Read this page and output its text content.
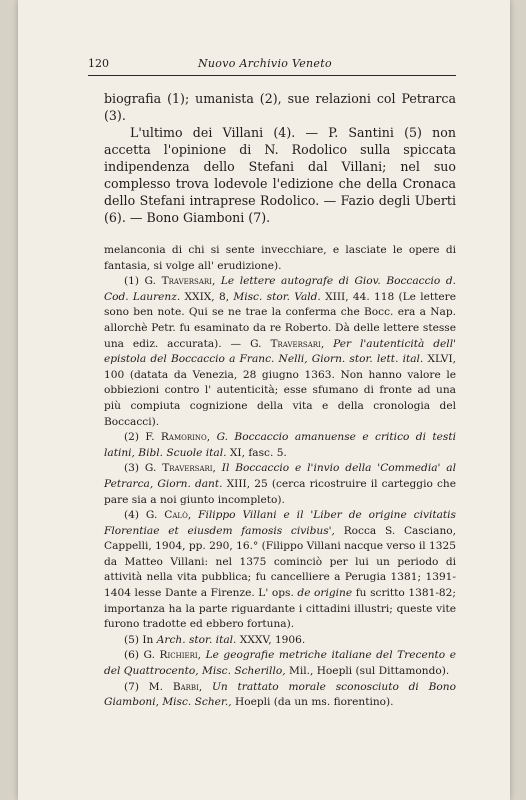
120	Nuovo Archivio Veneto

biografia (1); umanista (2), sue relazioni col Petrarca (3).

L'ultimo dei Villani (4). — P. Santini (5) non accetta l'opinione di N. Rodolico sulla spiccata indipendenza dello Stefani dal Villani; nel suo complesso trova lodevole l'edizione che della Cronaca dello Stefani intraprese Rodolico. — Fazio degli Uberti (6). — Bono Giamboni (7).

melanconia di chi si sente invecchiare, e lasciate le opere di fantasia, si volge all' erudizione).

(1) G. Traversari, Le lettere autografe di Giov. Boccaccio d. Cod. Laurenz. XXIX, 8, Misc. stor. Vald. XIII, 44. 118 (Le lettere sono ben note. Qui se ne trae la conferma che Bocc. era a Nap. allorchè Petr. fu esaminato da re Roberto. Dà delle lettere stesse una ediz. accurata). — G. Traversari, Per l'autenticità dell' epistola del Boccaccio a Franc. Nelli, Giorn. stor. lett. ital. XLVI, 100 (datata da Venezia, 28 giugno 1363. Non hanno valore le obbiezioni contro l' autenticità; esse sfumano di fronte ad una più compiuta cognizione della vita e della cronologia del Boccacci).

(2) F. Ramorino, G. Boccaccio amanuense e critico di testi latini, Bibl. Scuole ital. XI, fasc. 5.

(3) G. Traversari, Il Boccaccio e l'invio della 'Commedia' al Petrarca, Giorn. dant. XIII, 25 (cerca ricostruire il carteggio che pare sia a noi giunto incompleto).

(4) G. Calò, Filippo Villani e il 'Liber de origine civitatis Florentiae et eiusdem famosis civibus', Rocca S. Casciano, Cappelli, 1904, pp. 290, 16.° (Filippo Villani nacque verso il 1325 da Matteo Villani: nel 1375 cominciò per lui un periodo di attività nella vita pubblica; fu cancelliere a Perugia 1381; 1391-1404 lesse Dante a Firenze. L' ops. de origine fu scritto 1381-82; importanza ha la parte riguardante i cittadini illustri; queste vite furono tradotte ed ebbero fortuna).

(5) In Arch. stor. ital. XXXV, 1906.

(6) G. Richieri, Le geografie metriche italiane del Trecento e del Quattrocento, Misc. Scherillo, Mil., Hoepli (sul Dittamondo).

(7) M. Barbi, Un trattato morale sconosciuto di Bono Giamboni, Misc. Scher., Hoepli (da un ms. fiorentino).
